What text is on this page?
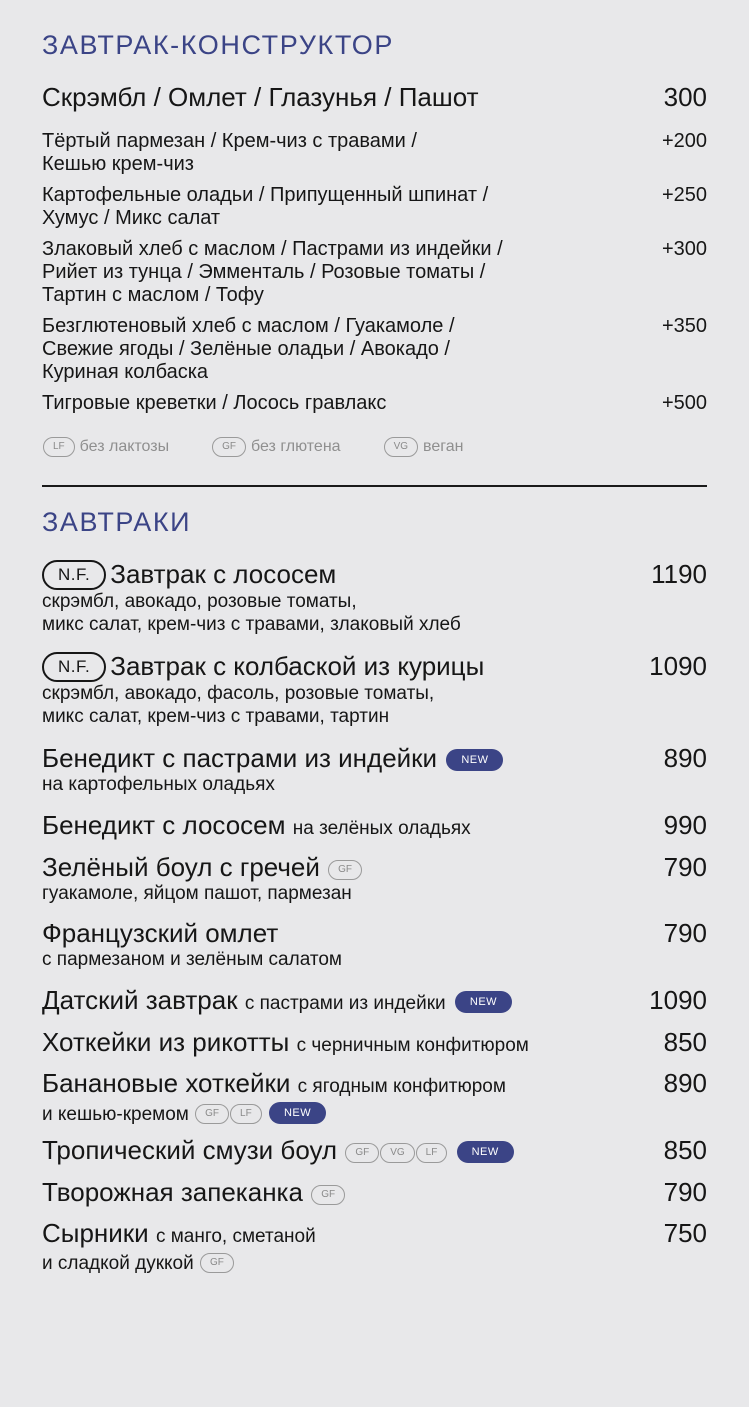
ЗАВТРАК-КОНСТРУКТОР
Скрэмбл / Омлет / Глазунья / Пашот	300
Тёртый пармезан / Крем-чиз с травами /
Кешью крем-чиз
+200
Картофельные оладьи / Припущенный шпинат /
Хумус / Микс салат
+250
Злаковый хлеб с маслом / Пастрами из индейки /
Рийет из тунца / Эмменталь / Розовые томаты /
Тартин с маслом / Тофу
+300
Безглютеновый хлеб с маслом / Гуакамоле /
Свежие ягоды / Зелёные оладьи / Авокадо /
Куриная колбаска
+350
Тигровые креветки / Лосось гравлакс	+500
LF без лактозы	GF без глютена	VG веган
ЗАВТРАКИ
N.F. Завтрак с лососем	1190
скрэмбл, авокадо, розовые томаты,
микс салат, крем-чиз с травами, злаковый хлеб
N.F. Завтрак с колбаской из курицы	1090
скрэмбл, авокадо, фасоль, розовые томаты,
микс салат, крем-чиз с травами, тартин
Бенедикт с пастрами из индейки NEW	890
на картофельных оладьях
Бенедикт с лососем на зелёных оладьях	990
Зелёный боул с гречей GF	790
гуакамоле, яйцом пашот, пармезан
Французский омлет	790
с пармезаном и зелёным салатом
Датский завтрак с пастрами из индейки NEW	1090
Хоткейки из рикотты с черничным конфитюром	850
Банановые хоткейки с ягодным конфитюром	890
и кешью-кремом GF LF	NEW
Тропический смузи боул GF VG LF	NEW	850
Творожная запеканка GF	790
Сырники с манго, сметаной	750
и сладкой дуккой GF
